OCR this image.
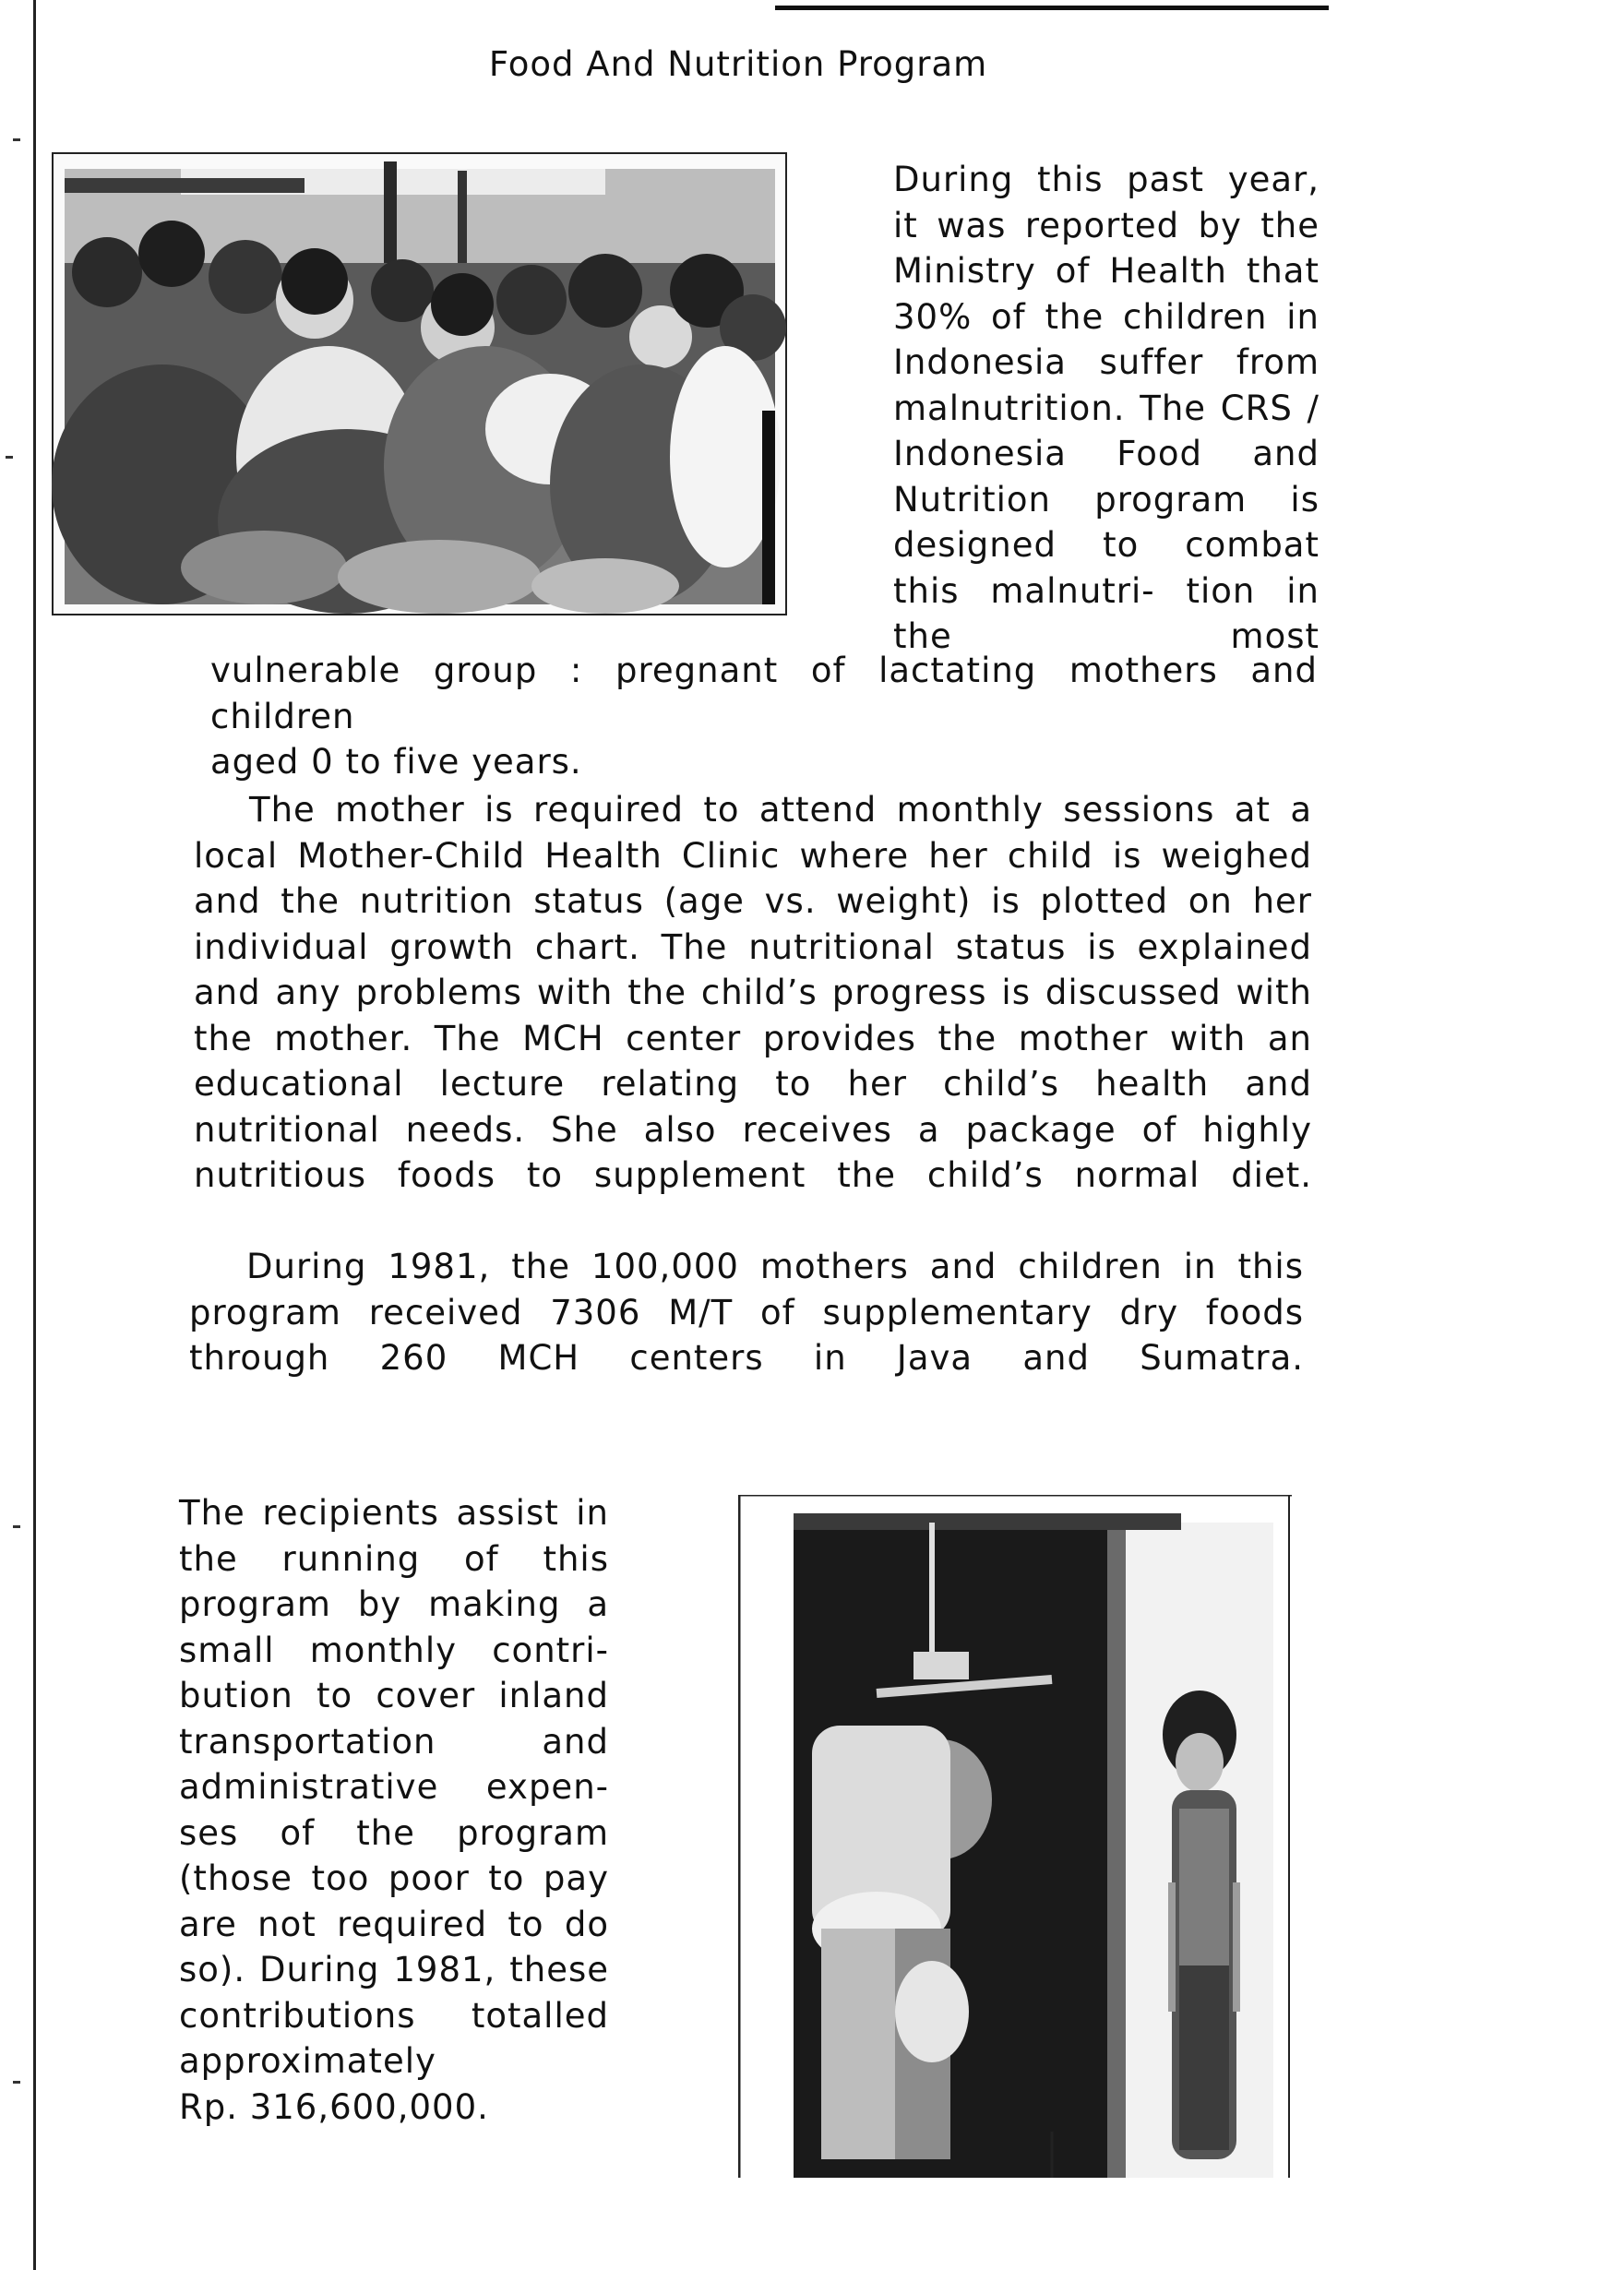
Food And Nutrition Program

During this past year, it was reported by the Ministry of Health that 30% of the children in Indonesia suffer from malnutrition. The CRS / Indonesia Food and Nutrition program is designed to combat this malnutri- tion in the most

vulnerable group : pregnant of lactating mothers and children
aged 0 to five years.

The mother is required to attend monthly sessions at a local Mother-Child Health Clinic where her child is weighed and the nutrition status (age vs. weight) is plotted on her individual growth chart. The nutritional status is explained and any problems with the child’s progress is discussed with the mother. The MCH center provides the mother with an educational lecture relating to her child’s health and nutritional needs. She also receives a package of highly nutritious foods to supplement the child’s normal diet.

During 1981, the 100,000 mothers and children in this program received 7306 M/T of supplementary dry foods through 260 MCH centers in Java and Sumatra.

The recipients assist in the running of this program by making a small monthly contri- bution to cover inland transportation and administrative expen- ses of the program (those too poor to pay are not required to do so). During 1981, these contributions totalled approximately
Rp. 316,600,000.
